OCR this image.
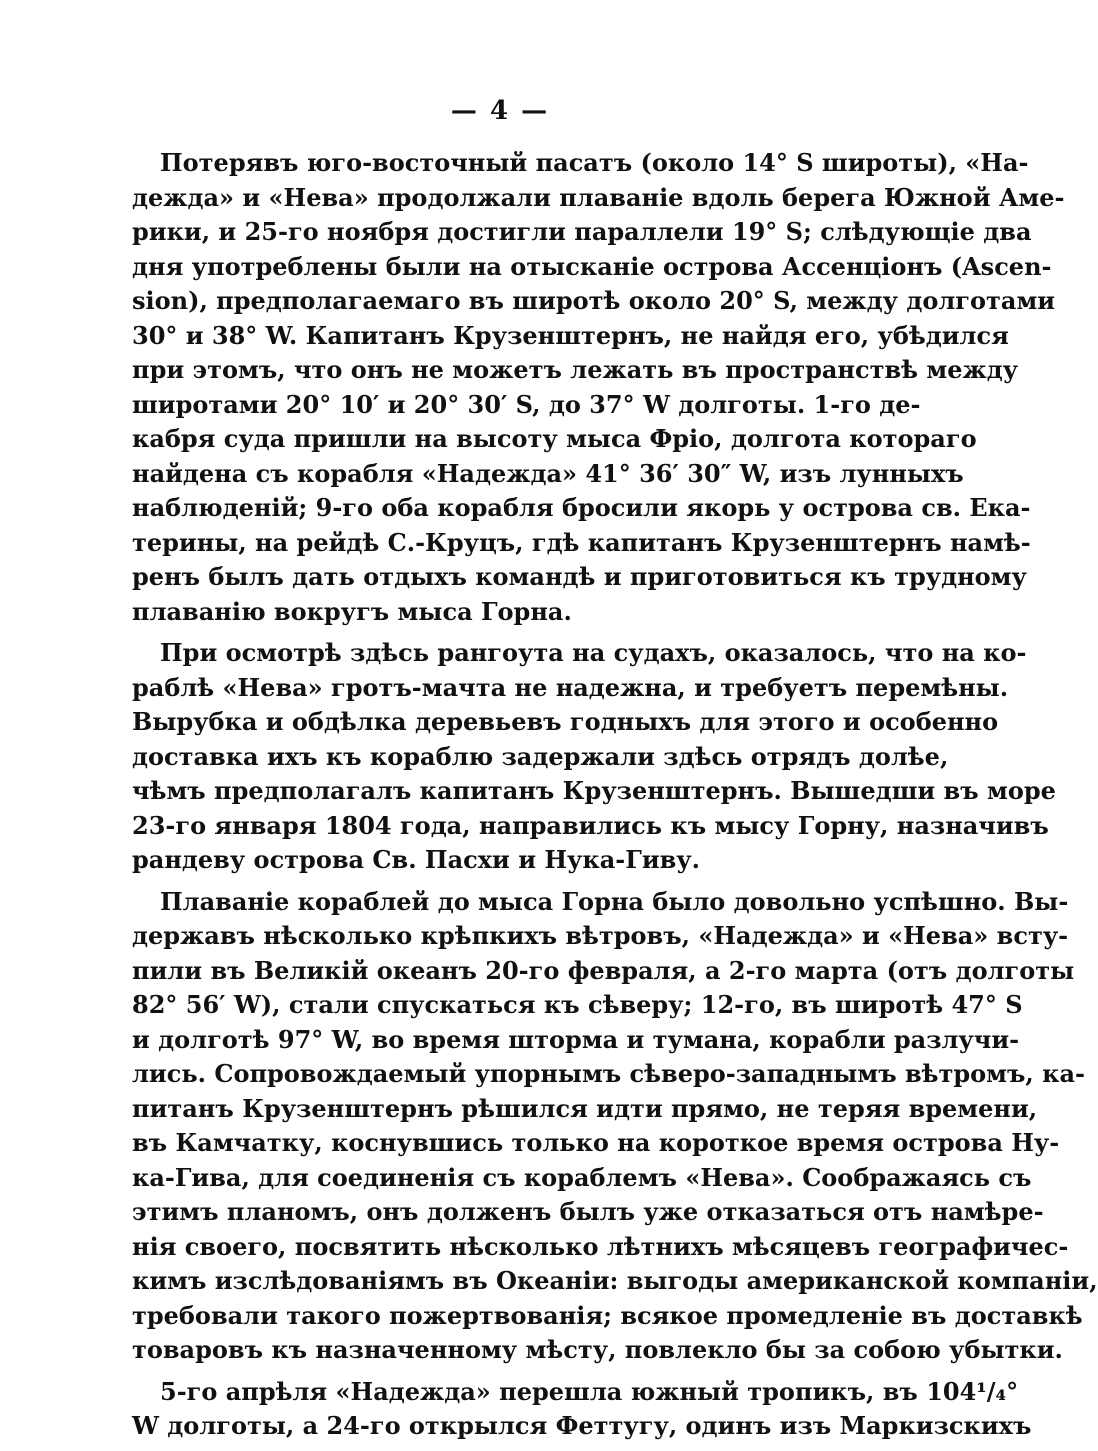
— 4 —
Потерявъ юго-восточный пасатъ (около 14° S широты), «На-
дежда» и «Нева» продолжали плаваніе вдоль берега Южной Аме-
рики, и 25-го ноября достигли параллели 19° S; слѣдующіе два
дня употреблены были на отысканіе острова Ассенціонъ (Ascen-
sion), предполагаемаго въ широтѣ около 20° S, между долготами
30° и 38° W. Капитанъ Крузенштернъ, не найдя его, убѣдился
при этомъ, что онъ не можетъ лежать въ пространствѣ между
широтами 20° 10′ и 20° 30′ S, до 37° W долготы. 1-го де-
кабря суда пришли на высоту мыса Фріо, долгота котораго
найдена съ корабля «Надежда» 41° 36′ 30″ W, изъ лунныхъ
наблюденій; 9-го оба корабля бросили якорь у острова св. Ека-
терины, на рейдѣ С.-Круцъ, гдѣ капитанъ Крузенштернъ намѣ-
ренъ былъ дать отдыхъ командѣ и приготовиться къ трудному
плаванію вокругъ мыса Горна.
При осмотрѣ здѣсь рангоута на судахъ, оказалось, что на ко-
раблѣ «Нева» гротъ-мачта не надежна, и требуетъ перемѣны.
Вырубка и обдѣлка деревьевъ годныхъ для этого и особенно
доставка ихъ къ кораблю задержали здѣсь отрядъ долѣе,
чѣмъ предполагалъ капитанъ Крузенштернъ. Вышедши въ море
23-го января 1804 года, направились къ мысу Горну, назначивъ
рандеву острова Св. Пасхи и Нука-Гиву.
Плаваніе кораблей до мыса Горна было довольно успѣшно. Вы-
державъ нѣсколько крѣпкихъ вѣтровъ, «Надежда» и «Нева» всту-
пили въ Великій океанъ 20-го февраля, а 2-го марта (отъ долготы
82° 56′ W), стали спускаться къ сѣверу; 12-го, въ широтѣ 47° S
и долготѣ 97° W, во время шторма и тумана, корабли разлучи-
лись. Сопровождаемый упорнымъ сѣверо-западнымъ вѣтромъ, ка-
питанъ Крузенштернъ рѣшился идти прямо, не теряя времени,
въ Камчатку, коснувшись только на короткое время острова Ну-
ка-Гива, для соединенія съ кораблемъ «Нева». Соображаясь съ
этимъ планомъ, онъ долженъ былъ уже отказаться отъ намѣре-
нія своего, посвятить нѣсколько лѣтнихъ мѣсяцевъ географичес-
кимъ изслѣдованіямъ въ Океаніи: выгоды американской компаніи,
требовали такого пожертвованія; всякое промедленіе въ доставкѣ
товаровъ къ назначенному мѣсту, повлекло бы за собою убытки.
5-го апрѣля «Надежда» перешла южный тропикъ, въ 104¹/₄°
W долготы, а 24-го открылся Феттугу, одинъ изъ Маркизскихъ
